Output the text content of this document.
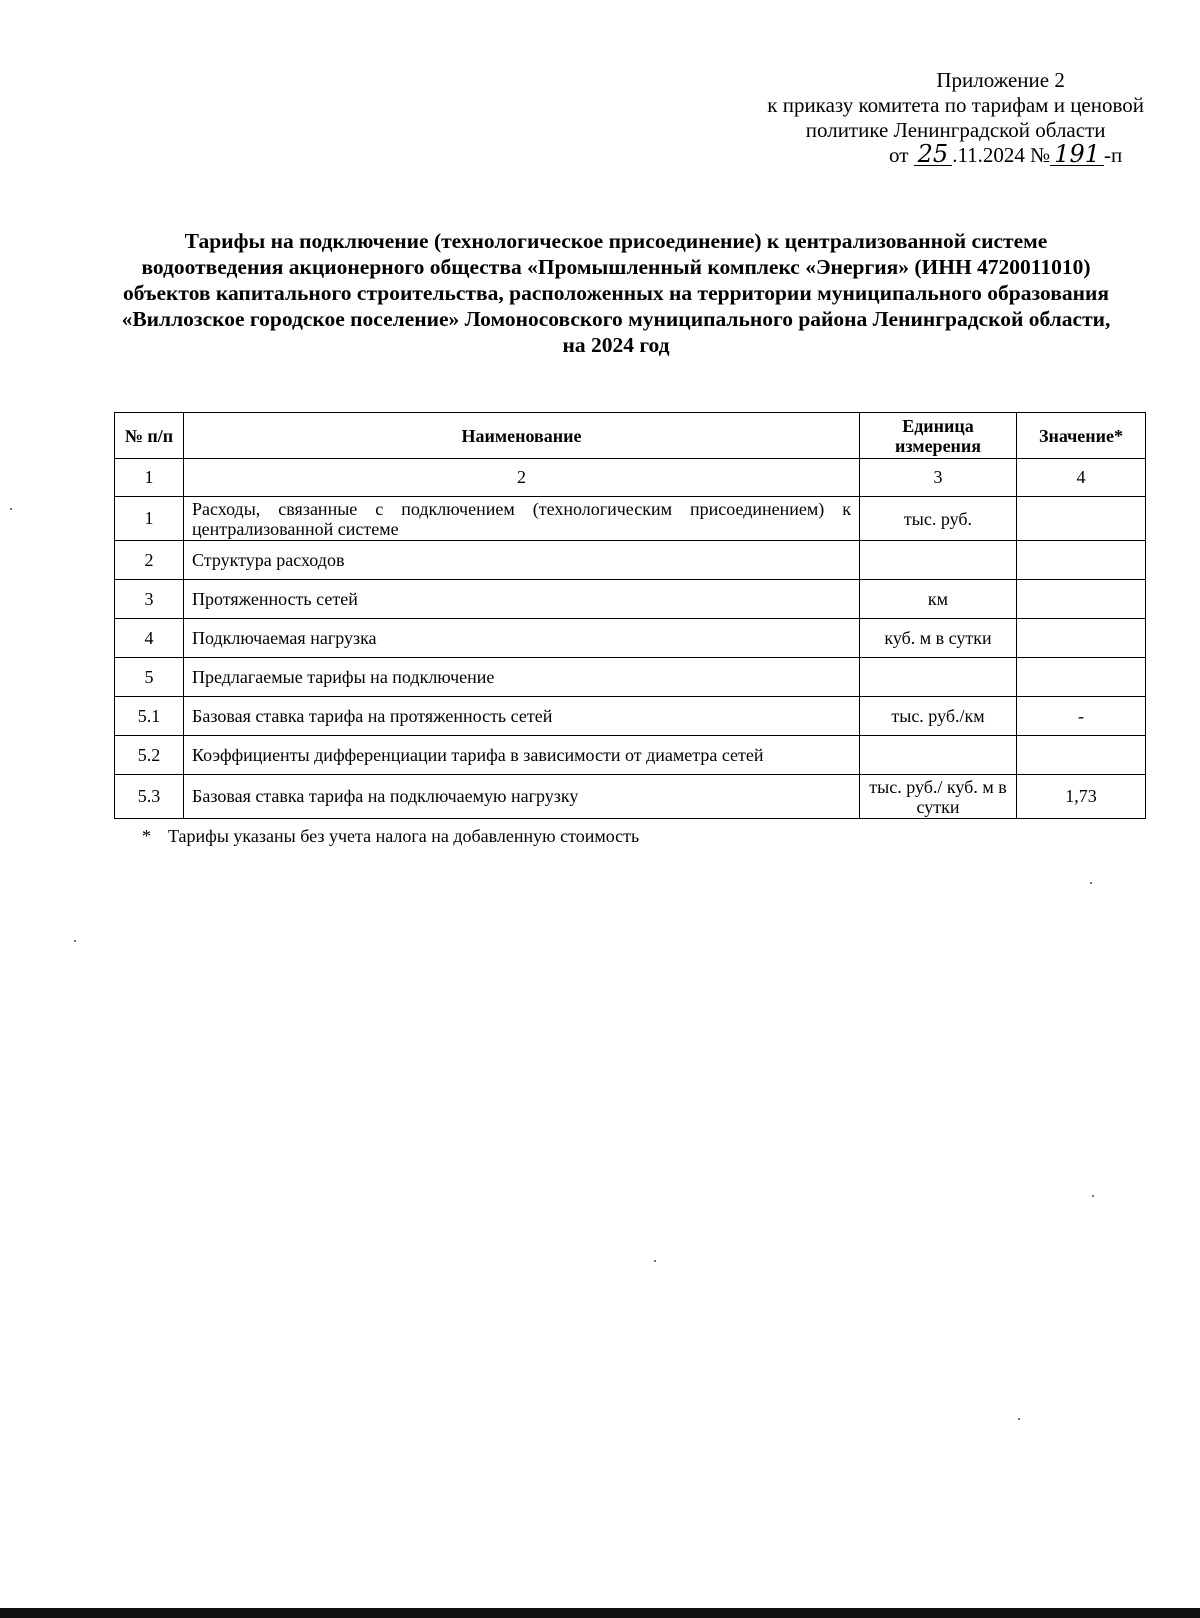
Приложение 2
к приказу комитета по тарифам и ценовой
политике Ленинградской области
от 25 .11.2024 № 191 -п
Тарифы на подключение (технологическое присоединение) к централизованной системе водоотведения акционерного общества «Промышленный комплекс «Энергия» (ИНН 4720011010) объектов капитального строительства, расположенных на территории муниципального образования «Виллозское городское поселение» Ломоносовского муниципального района Ленинградской области, на 2024 год
№ п/п	Наименование	Единица измерения	Значение*
1	2	3	4
1	Расходы, связанные с подключением (технологическим присоединением) к централизованной системе	тыс. руб.	
2	Структура расходов		
3	Протяженность сетей	км	
4	Подключаемая нагрузка	куб. м в сутки	
5	Предлагаемые тарифы на подключение		
5.1	Базовая ставка тарифа на протяженность сетей	тыс. руб./км	-
5.2	Коэффициенты дифференциации тарифа в зависимости от диаметра сетей		
5.3	Базовая ставка тарифа на подключаемую нагрузку	тыс. руб./ куб. м в сутки	1,73
* Тарифы указаны без учета налога на добавленную стоимость
